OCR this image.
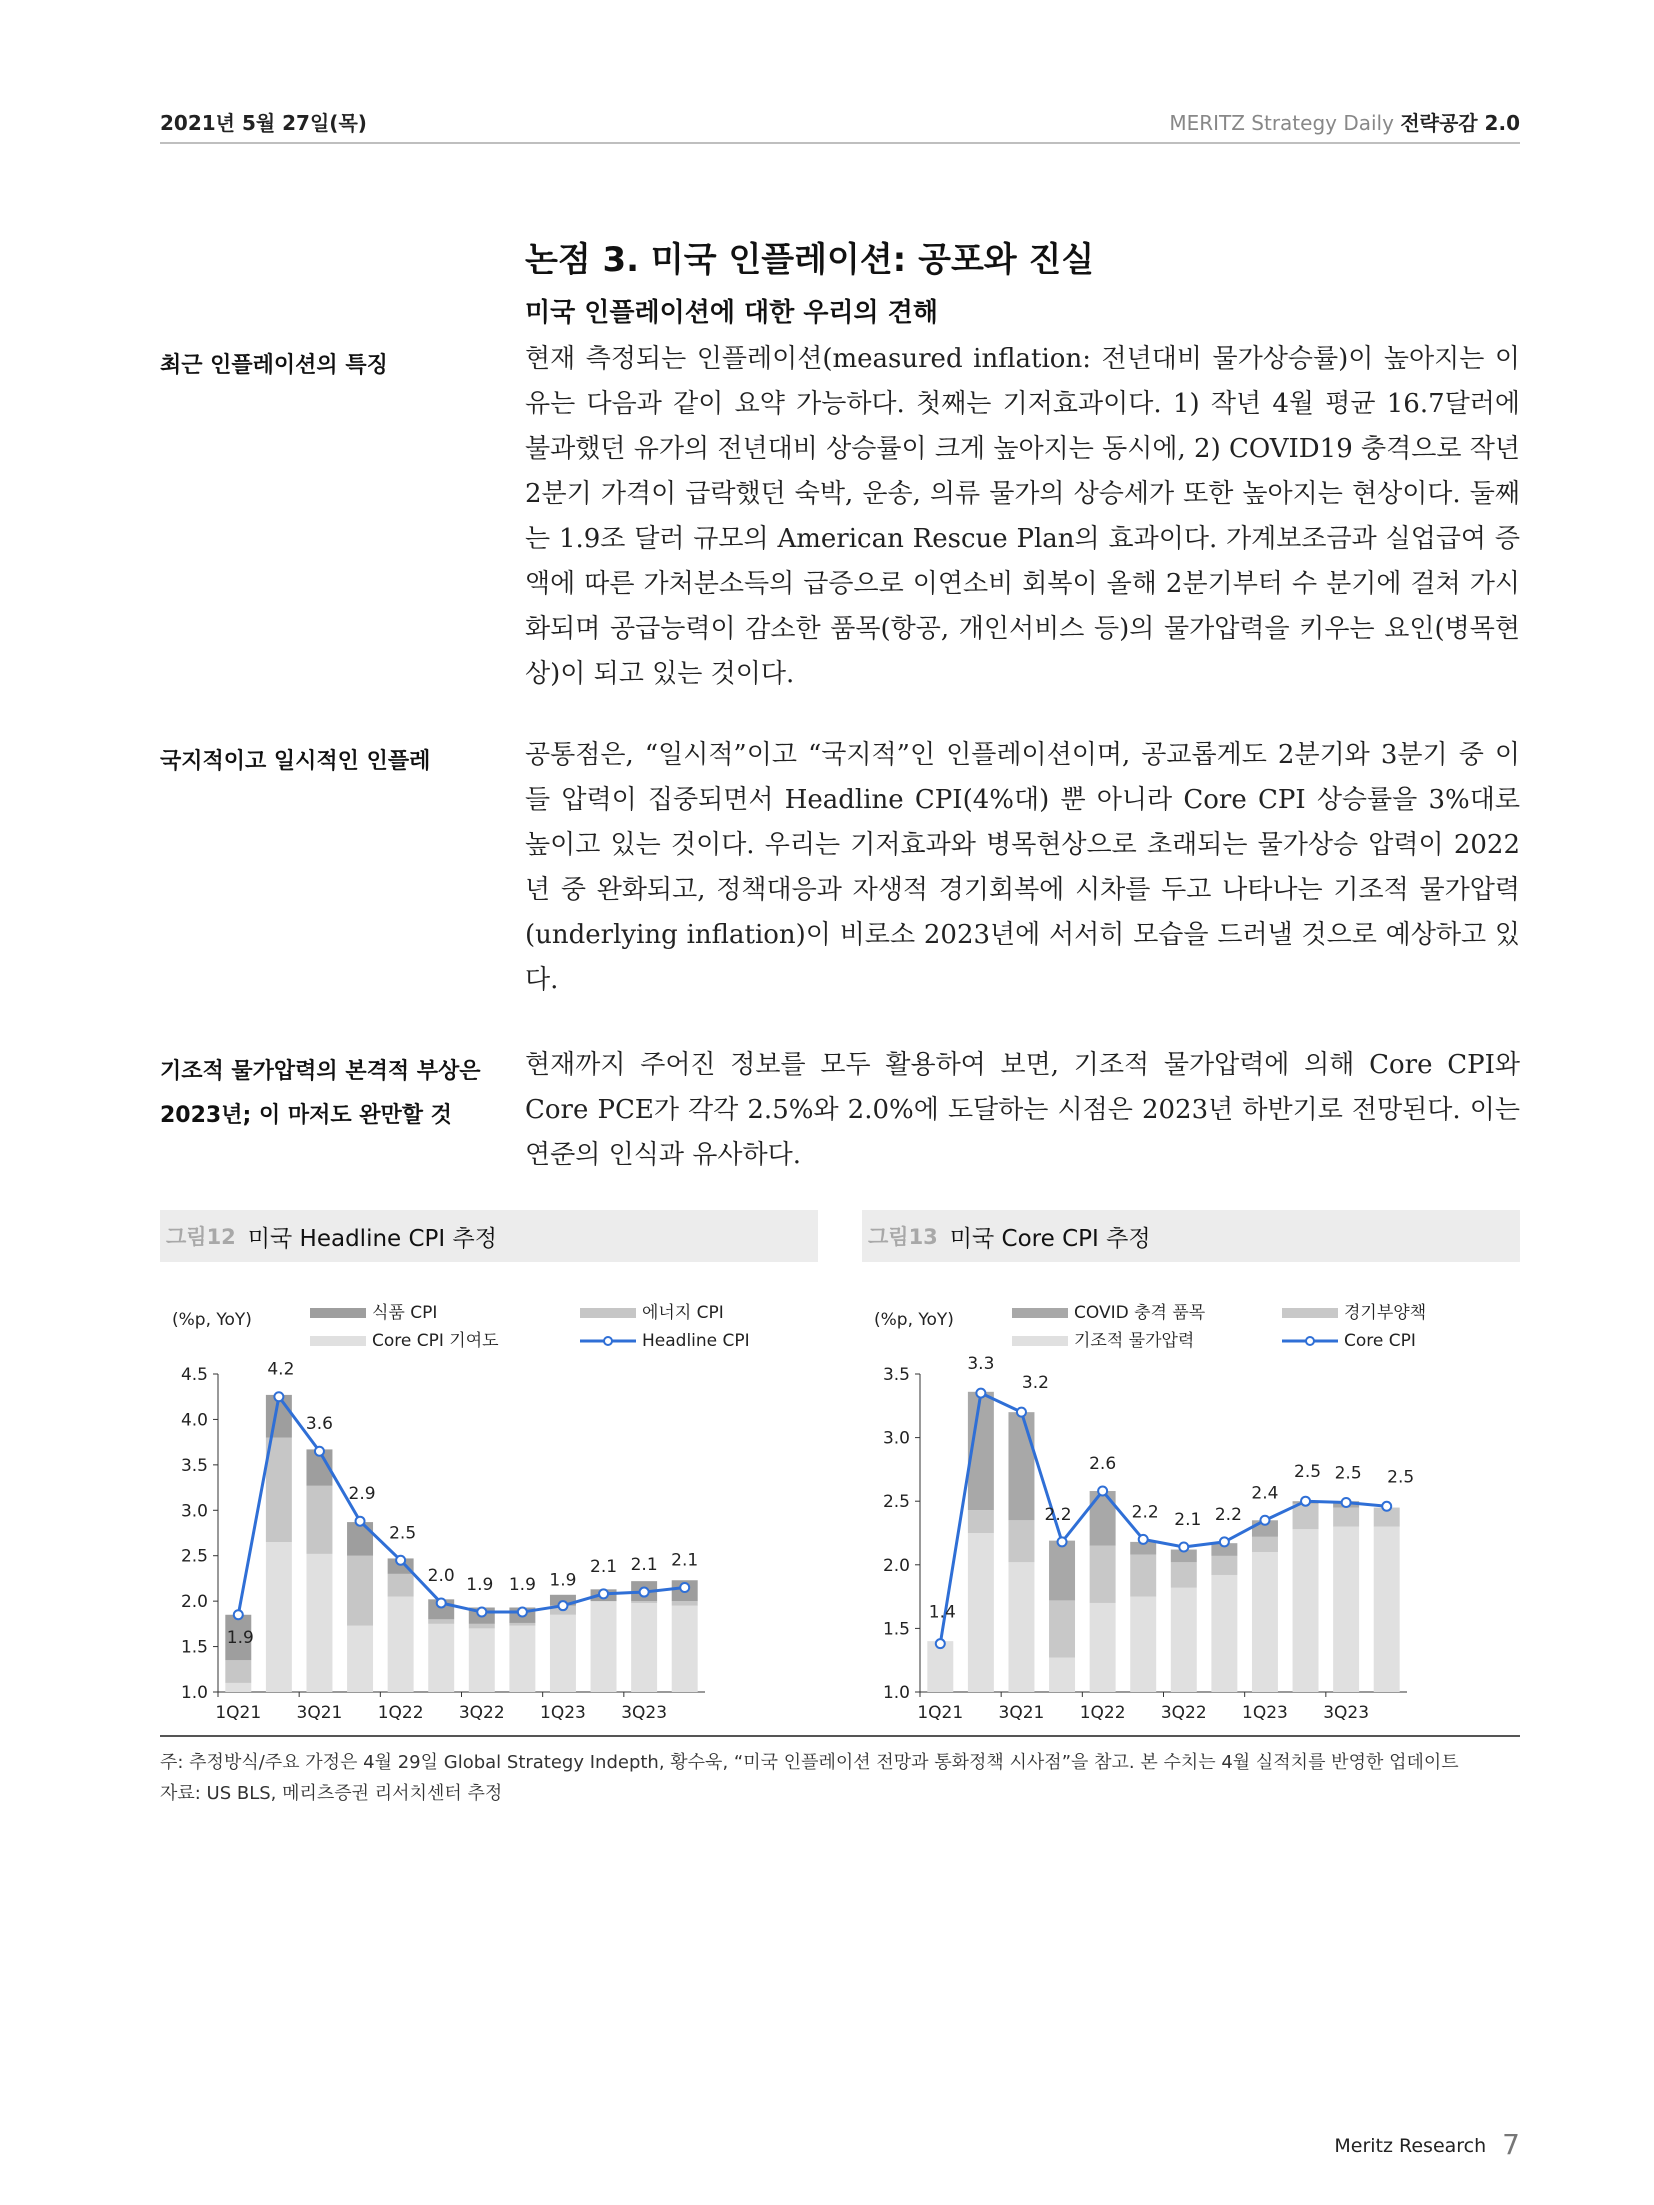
2021년 5월 27일(목)	MERITZ Strategy Daily 전략공감 2.0
논점 3. 미국 인플레이션: 공포와 진실
미국 인플레이션에 대한 우리의 견해
최근 인플레이션의 특징	현재 측정되는 인플레이션(measured inflation: 전년대비 물가상승률)이 높아지는 이유는 다음과 같이 요약 가능하다. 첫째는 기저효과이다. 1) 작년 4월 평균 16.7달러에 불과했던 유가의 전년대비 상승률이 크게 높아지는 동시에, 2) COVID19 충격으로 작년 2분기 가격이 급락했던 숙박, 운송, 의류 물가의 상승세가 또한 높아지는 현상이다. 둘째는 1.9조 달러 규모의 American Rescue Plan의 효과이다. 가계보조금과 실업급여 증액에 따른 가처분소득의 급증으로 이연소비 회복이 올해 2분기부터 수 분기에 걸쳐 가시화되며 공급능력이 감소한 품목(항공, 개인서비스 등)의 물가압력을 키우는 요인(병목현상)이 되고 있는 것이다.
국지적이고 일시적인 인플레	공통점은, “일시적”이고 “국지적”인 인플레이션이며, 공교롭게도 2분기와 3분기 중 이들 압력이 집중되면서 Headline CPI(4%대) 뿐 아니라 Core CPI 상승률을 3%대로 높이고 있는 것이다. 우리는 기저효과와 병목현상으로 초래되는 물가상승 압력이 2022년 중 완화되고, 정책대응과 자생적 경기회복에 시차를 두고 나타나는 기조적 물가압력(underlying inflation)이 비로소 2023년에 서서히 모습을 드러낼 것으로 예상하고 있다.
기조적 물가압력의 본격적 부상은 2023년; 이 마저도 완만할 것
현재까지 주어진 정보를 모두 활용하여 보면, 기조적 물가압력에 의해 Core CPI와 Core PCE가 각각 2.5%와 2.0%에 도달하는 시점은 2023년 하반기로 전망된다. 이는 연준의 인식과 유사하다.
그림12 미국 Headline CPI 추정	그림13 미국 Core CPI 추정
(%p, YoY)	식품 CPI	에너지 CPI
Core CPI 기여도	Headline CPI
1.0
1.5
2.0
2.5
3.0
3.5
4.0
4.5
1Q21 3Q21 1Q22 3Q22 1Q23 3Q23
1.9
4.2
3.6
2.9
2.5
2.0 1.9 1.9 1.9
2.1 2.1 2.1
(%p, YoY)	COVID 충격 품목	경기부양책
기조적 물가압력	Core CPI
1.0
1.5
2.0
2.5
3.0
3.5
1Q21 3Q21 1Q22 3Q22 1Q23 3Q23
1.4
3.3
3.2
2.2
2.6
2.2 2.1 2.2
2.4
2.5 2.5 2.5
주: 추정방식/주요 가정은 4월 29일 Global Strategy Indepth, 황수욱, “미국 인플레이션 전망과 통화정책 시사점”을 참고. 본 수치는 4월 실적치를 반영한 업데이트
자료: US BLS, 메리츠증권 리서치센터 추정
Meritz Research 7
